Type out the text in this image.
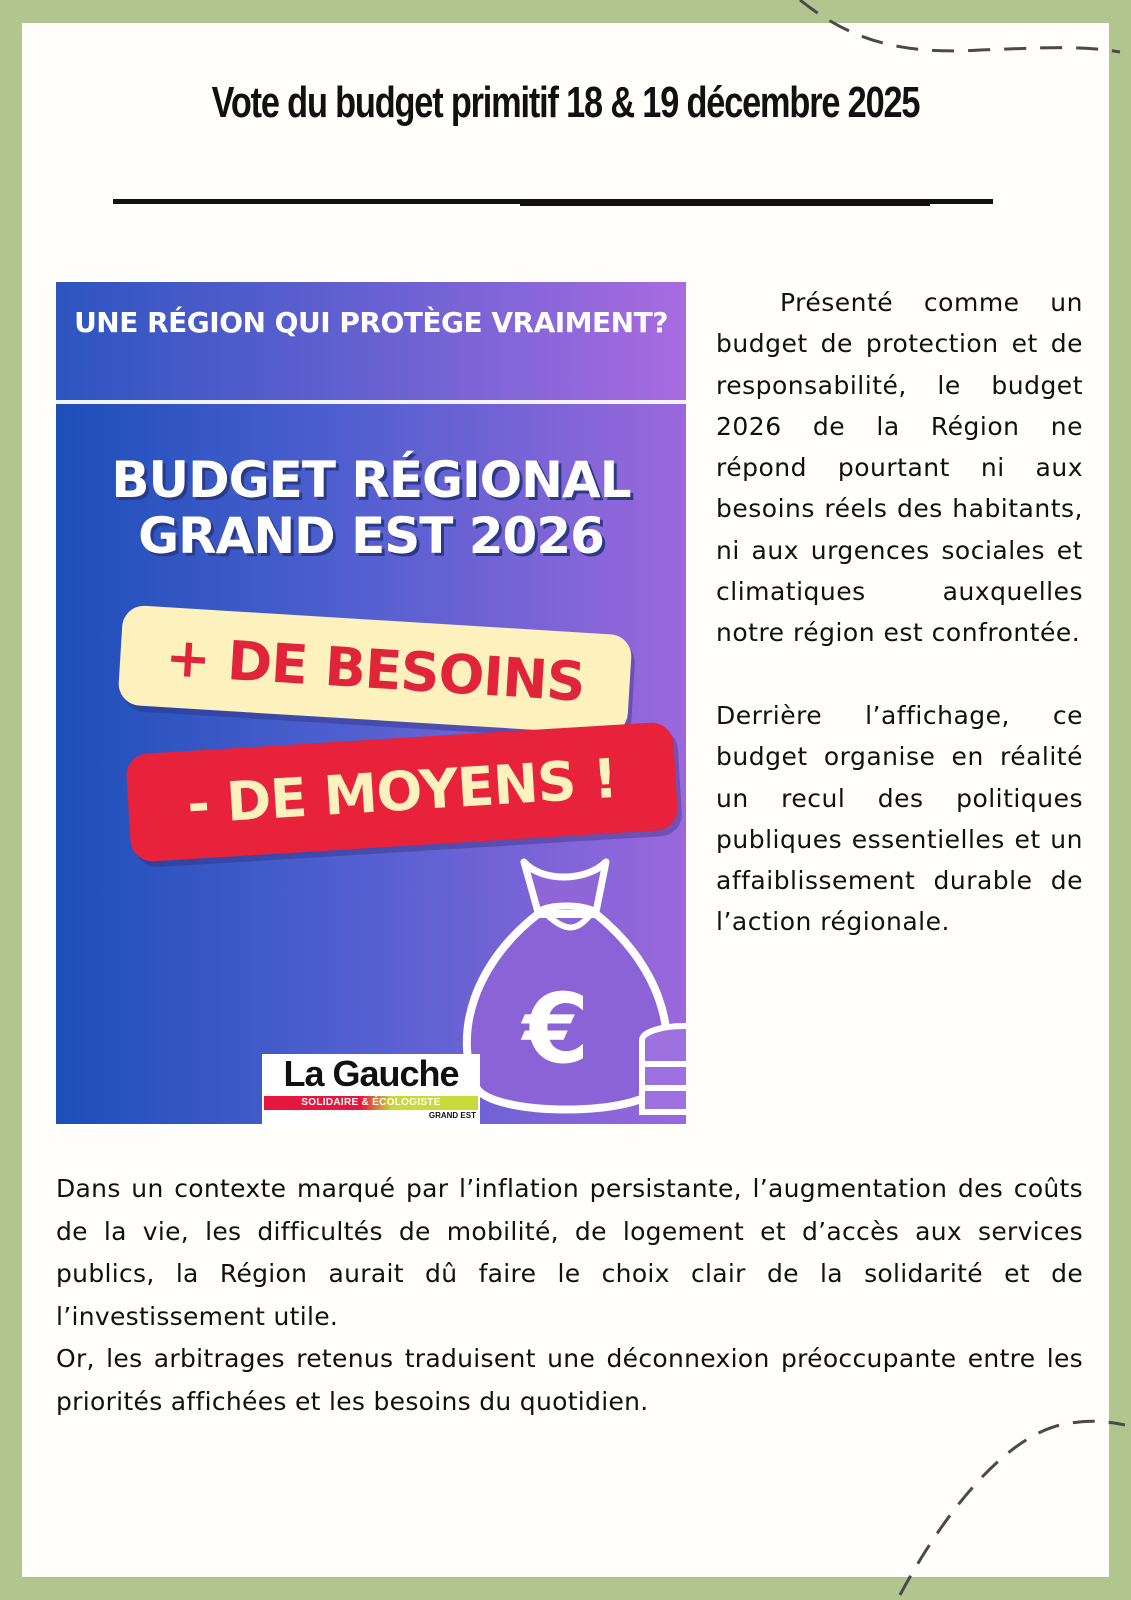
Vote du budget primitif 18 & 19 décembre 2025
UNE RÉGION QUI PROTÈGE VRAIMENT?
BUDGET RÉGIONAL GRAND EST 2026
+ DE BESOINS
- DE MOYENS !
€
La Gauche
SOLIDAIRE & ÉCOLOGISTE
GRAND EST

Présenté comme un budget de protection et de responsabilité, le budget 2026 de la Région ne répond pourtant ni aux besoins réels des habitants, ni aux urgences sociales et climatiques auxquelles notre région est confrontée.

Derrière l’affichage, ce budget organise en réalité un recul des politiques publiques essentielles et un affaiblissement durable de l’action régionale.

Dans un contexte marqué par l’inflation persistante, l’augmentation des coûts de la vie, les difficultés de mobilité, de logement et d’accès aux services publics, la Région aurait dû faire le choix clair de la solidarité et de l’investissement utile.

Or, les arbitrages retenus traduisent une déconnexion préoccupante entre les priorités affichées et les besoins du quotidien.
